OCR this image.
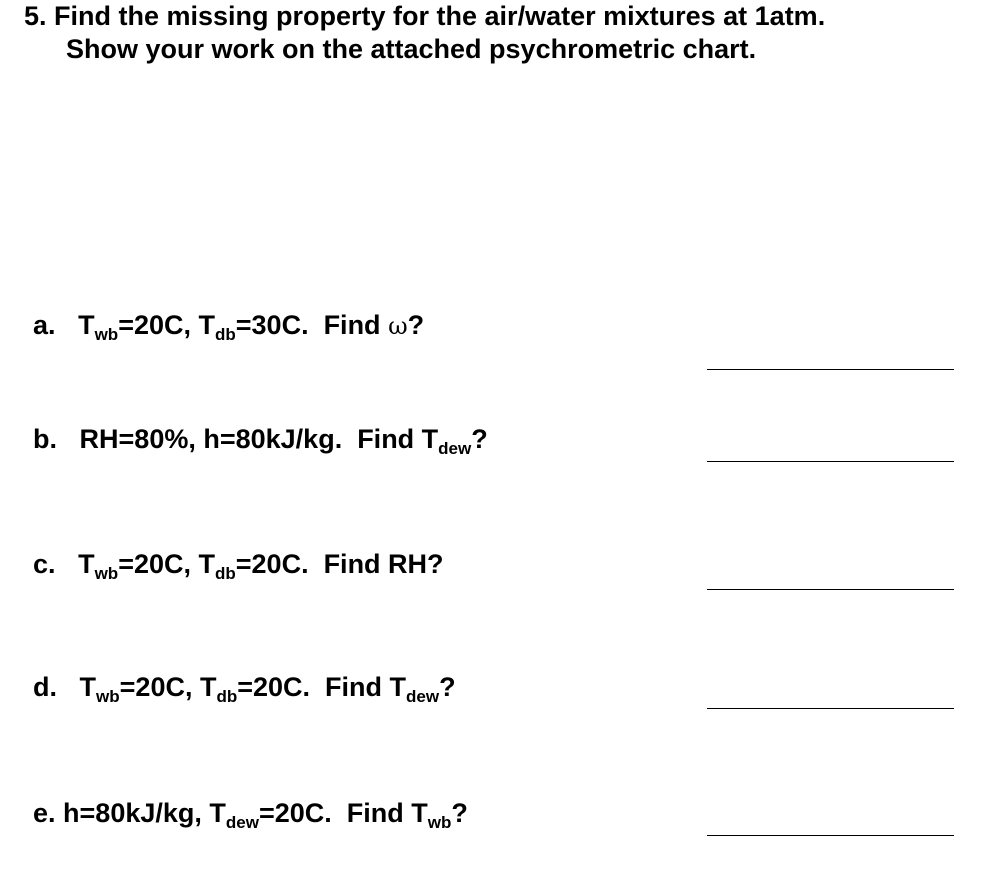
5. Find the missing property for the air/water mixtures at 1atm.
Show your work on the attached psychrometric chart.
a. $T_{wb}=20C$, $T_{db}=30C$.  Find ω?
b. RH=80%, h=80kJ/kg.  Find $T_{dew}$?
c. $T_{wb}=20C$, $T_{db}=20C$.  Find RH?
d. $T_{wb}=20C$, $T_{db}=20C$.  Find $T_{dew}$?
e. h=80kJ/kg, $T_{dew}=20C$.  Find $T_{wb}$?
